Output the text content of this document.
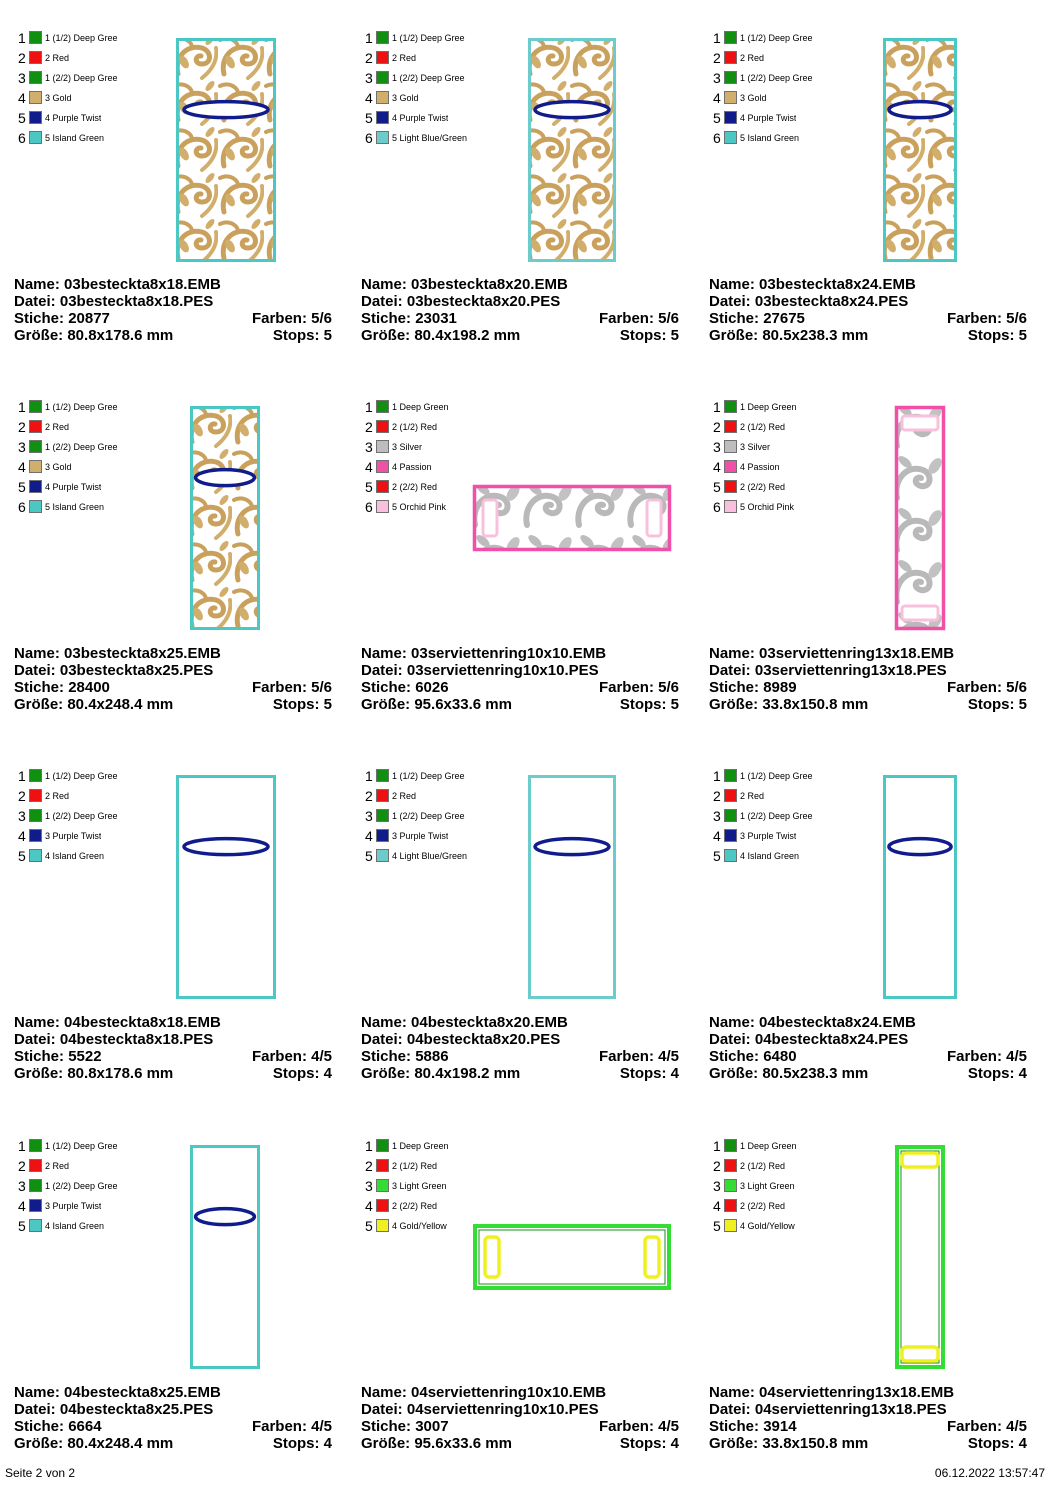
1	1 (1/2) Deep Gree
2	2 Red
3	1 (2/2) Deep Gree
4	3 Gold
5	4 Purple Twist
6	5 Island Green
Name: 03besteckta8x18.EMB
Datei: 03besteckta8x18.PES
Stiche: 20877	Farben: 5/6
Größe: 80.8x178.6 mm	Stops: 5
1	1 (1/2) Deep Gree
2	2 Red
3	1 (2/2) Deep Gree
4	3 Gold
5	4 Purple Twist
6	5 Light Blue/Green
Name: 03besteckta8x20.EMB
Datei: 03besteckta8x20.PES
Stiche: 23031	Farben: 5/6
Größe: 80.4x198.2 mm	Stops: 5
1	1 (1/2) Deep Gree
2	2 Red
3	1 (2/2) Deep Gree
4	3 Gold
5	4 Purple Twist
6	5 Island Green
Name: 03besteckta8x24.EMB
Datei: 03besteckta8x24.PES
Stiche: 27675	Farben: 5/6
Größe: 80.5x238.3 mm	Stops: 5
1	1 (1/2) Deep Gree
2	2 Red
3	1 (2/2) Deep Gree
4	3 Gold
5	4 Purple Twist
6	5 Island Green
Name: 03besteckta8x25.EMB
Datei: 03besteckta8x25.PES
Stiche: 28400	Farben: 5/6
Größe: 80.4x248.4 mm	Stops: 5
1	1 Deep Green
2	2 (1/2) Red
3	3 Silver
4	4 Passion
5	2 (2/2) Red
6	5 Orchid Pink
Name: 03serviettenring10x10.EMB
Datei: 03serviettenring10x10.PES
Stiche: 6026	Farben: 5/6
Größe: 95.6x33.6 mm	Stops: 5
1	1 Deep Green
2	2 (1/2) Red
3	3 Silver
4	4 Passion
5	2 (2/2) Red
6	5 Orchid Pink
Name: 03serviettenring13x18.EMB
Datei: 03serviettenring13x18.PES
Stiche: 8989	Farben: 5/6
Größe: 33.8x150.8 mm	Stops: 5
1	1 (1/2) Deep Gree
2	2 Red
3	1 (2/2) Deep Gree
4	3 Purple Twist
5	4 Island Green
Name: 04besteckta8x18.EMB
Datei: 04besteckta8x18.PES
Stiche: 5522	Farben: 4/5
Größe: 80.8x178.6 mm	Stops: 4
1	1 (1/2) Deep Gree
2	2 Red
3	1 (2/2) Deep Gree
4	3 Purple Twist
5	4 Light Blue/Green
Name: 04besteckta8x20.EMB
Datei: 04besteckta8x20.PES
Stiche: 5886	Farben: 4/5
Größe: 80.4x198.2 mm	Stops: 4
1	1 (1/2) Deep Gree
2	2 Red
3	1 (2/2) Deep Gree
4	3 Purple Twist
5	4 Island Green
Name: 04besteckta8x24.EMB
Datei: 04besteckta8x24.PES
Stiche: 6480	Farben: 4/5
Größe: 80.5x238.3 mm	Stops: 4
1	1 (1/2) Deep Gree
2	2 Red
3	1 (2/2) Deep Gree
4	3 Purple Twist
5	4 Island Green
Name: 04besteckta8x25.EMB
Datei: 04besteckta8x25.PES
Stiche: 6664	Farben: 4/5
Größe: 80.4x248.4 mm	Stops: 4
1	1 Deep Green
2	2 (1/2) Red
3	3 Light Green
4	2 (2/2) Red
5	4 Gold/Yellow
Name: 04serviettenring10x10.EMB
Datei: 04serviettenring10x10.PES
Stiche: 3007	Farben: 4/5
Größe: 95.6x33.6 mm	Stops: 4
1	1 Deep Green
2	2 (1/2) Red
3	3 Light Green
4	2 (2/2) Red
5	4 Gold/Yellow
Name: 04serviettenring13x18.EMB
Datei: 04serviettenring13x18.PES
Stiche: 3914	Farben: 4/5
Größe: 33.8x150.8 mm	Stops: 4
Seite 2 von 2	06.12.2022 13:57:47
